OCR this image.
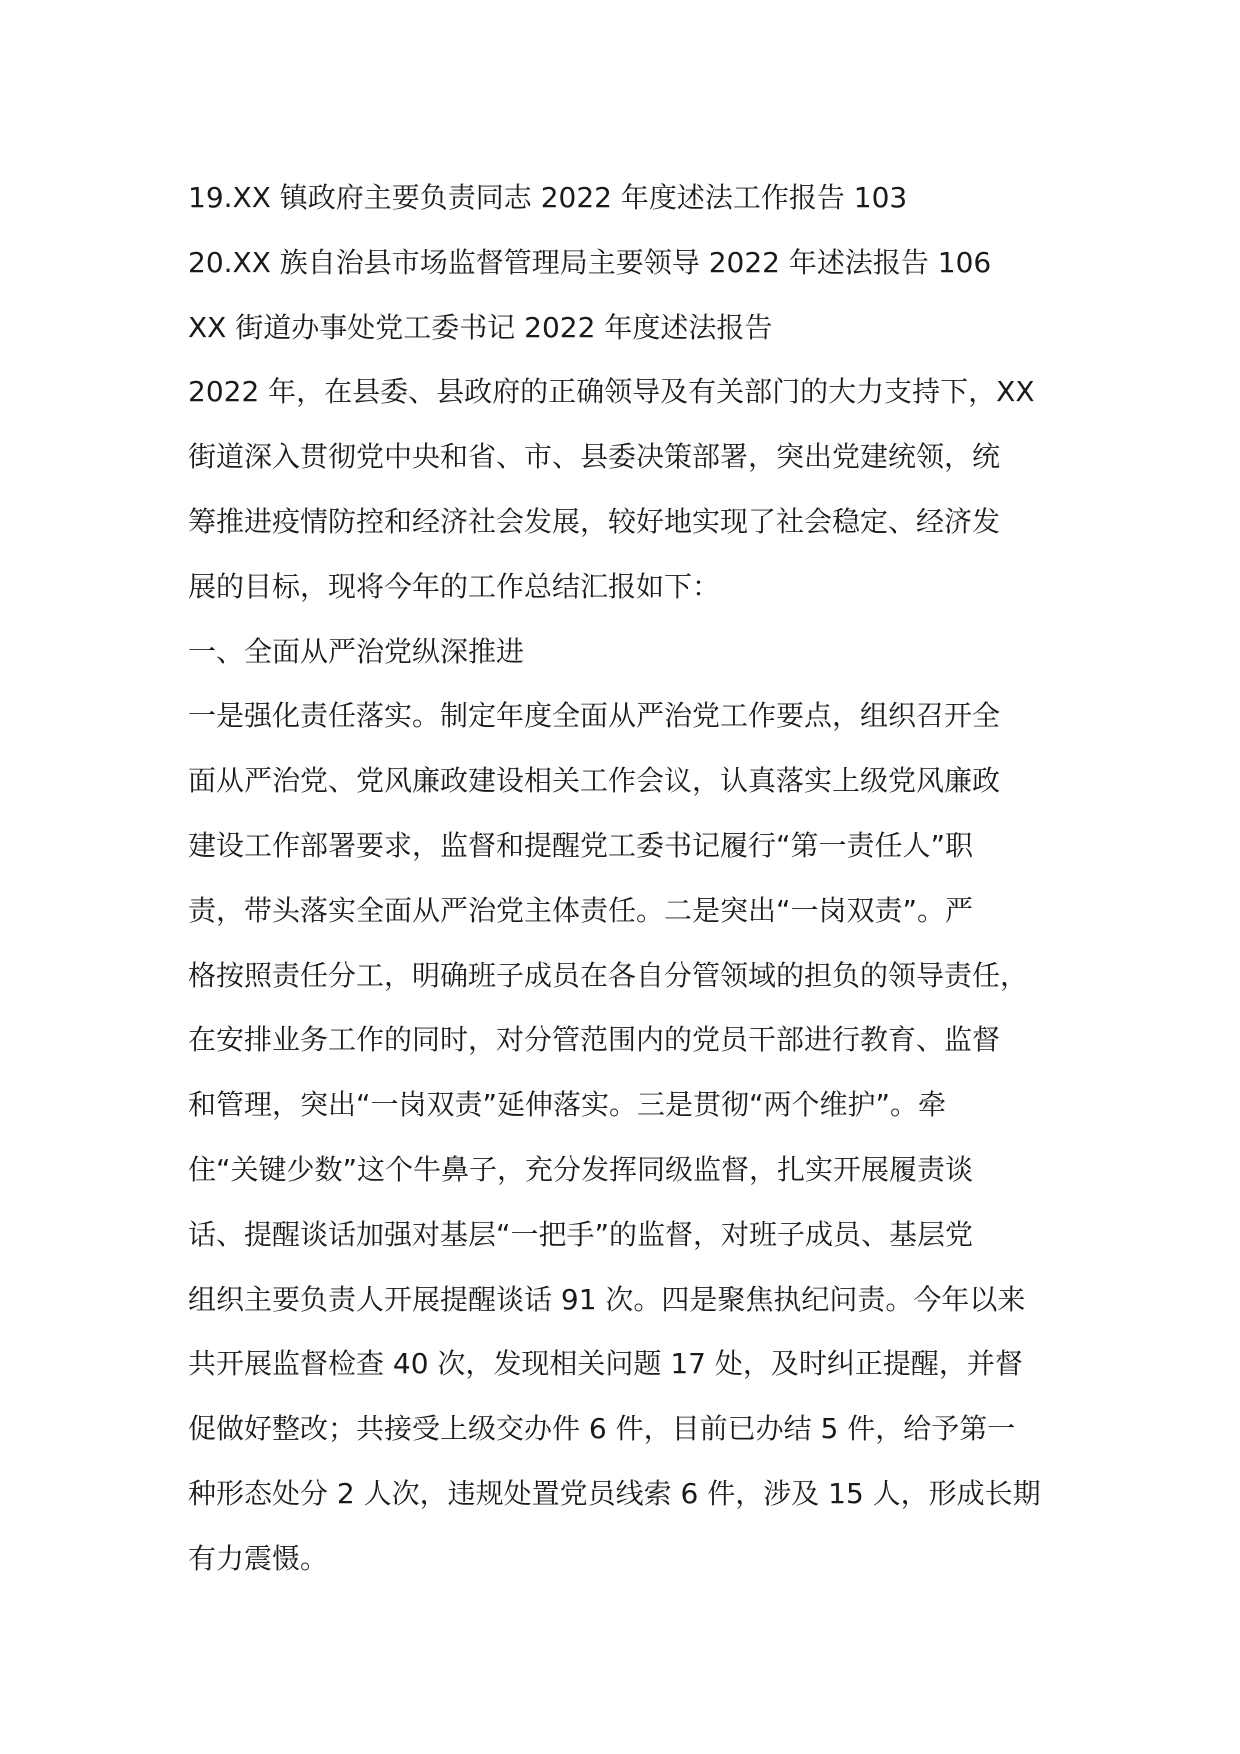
19.XX 镇政府主要负责同志 2022 年度述法工作报告 103
20.XX 族自治县市场监督管理局主要领导 2022 年述法报告 106
XX 街道办事处党工委书记 2022 年度述法报告
2022 年，在县委、县政府的正确领导及有关部门的大力支持下，XX
街道深入贯彻党中央和省、市、县委决策部署，突出党建统领，统
筹推进疫情防控和经济社会发展，较好地实现了社会稳定、经济发
展的目标，现将今年的工作总结汇报如下：
一、全面从严治党纵深推进
一是强化责任落实。制定年度全面从严治党工作要点，组织召开全
面从严治党、党风廉政建设相关工作会议，认真落实上级党风廉政
建设工作部署要求，监督和提醒党工委书记履行“第一责任人”职
责，带头落实全面从严治党主体责任。二是突出“一岗双责”。严
格按照责任分工，明确班子成员在各自分管领域的担负的领导责任，
在安排业务工作的同时，对分管范围内的党员干部进行教育、监督
和管理，突出“一岗双责”延伸落实。三是贯彻“两个维护”。牵
住“关键少数”这个牛鼻子，充分发挥同级监督，扎实开展履责谈
话、提醒谈话加强对基层“一把手”的监督，对班子成员、基层党
组织主要负责人开展提醒谈话 91 次。四是聚焦执纪问责。今年以来
共开展监督检查 40 次，发现相关问题 17 处，及时纠正提醒，并督
促做好整改；共接受上级交办件 6 件，目前已办结 5 件，给予第一
种形态处分 2 人次，违规处置党员线索 6 件，涉及 15 人，形成长期
有力震慑。
